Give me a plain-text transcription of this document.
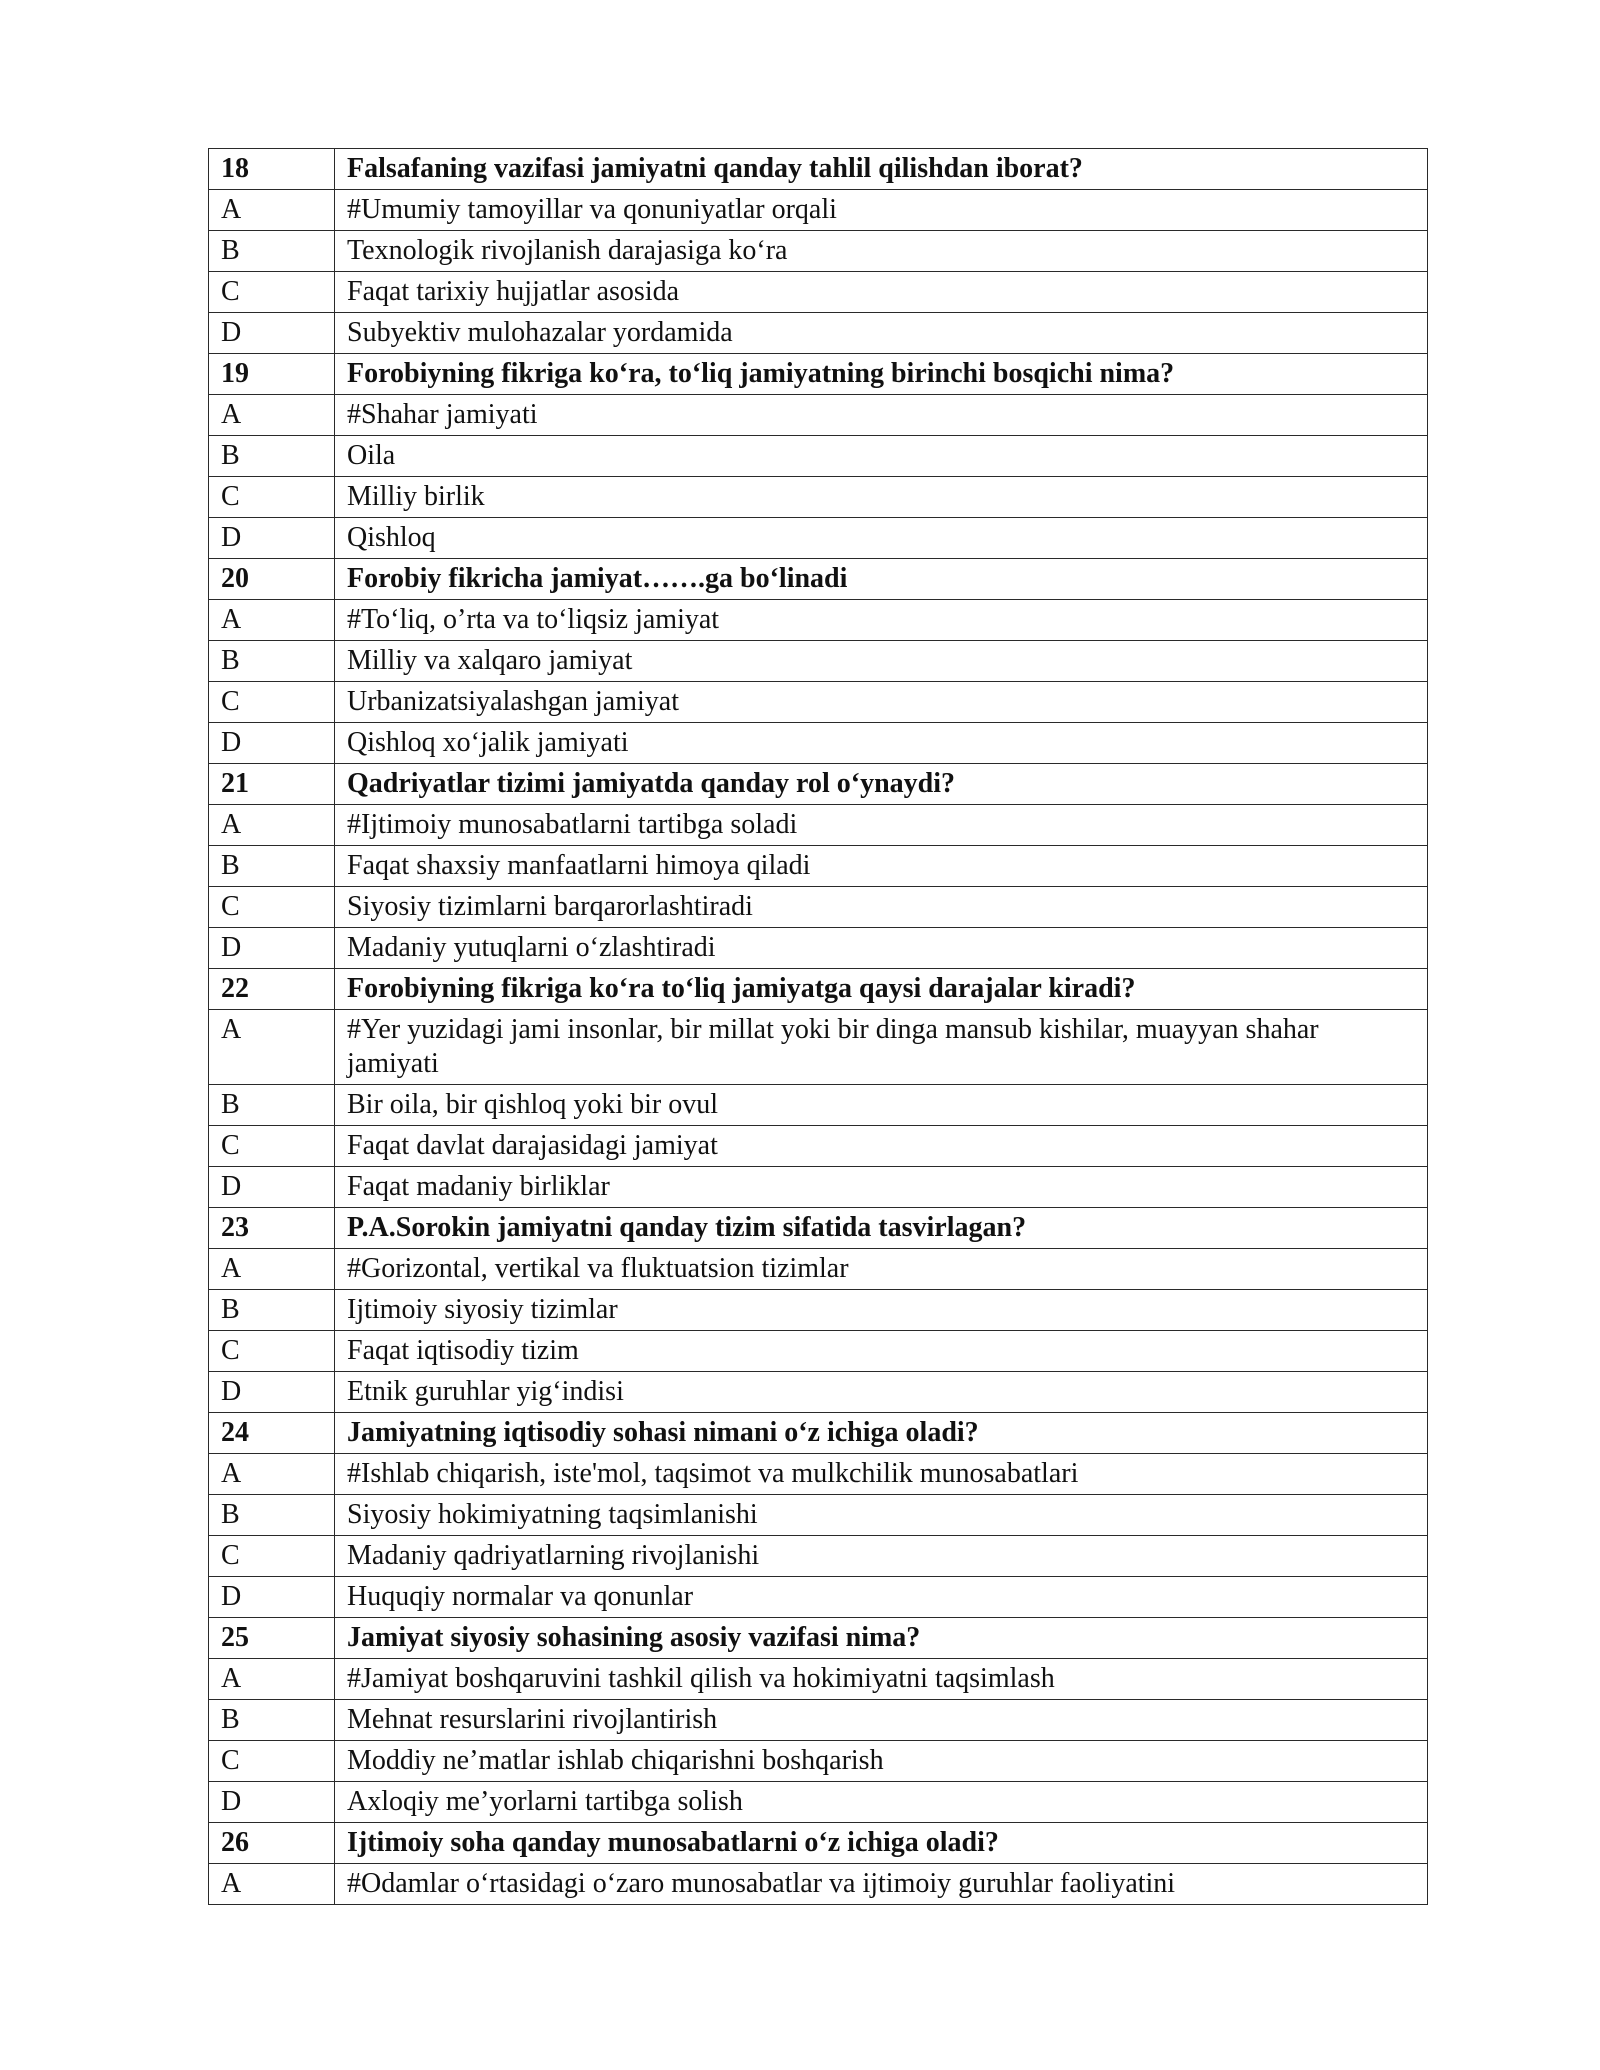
18	Falsafaning vazifasi jamiyatni qanday tahlil qilishdan iborat?
A	#Umumiy tamoyillar va qonuniyatlar orqali
B	Texnologik rivojlanish darajasiga ko‘ra
C	Faqat tarixiy hujjatlar asosida
D	Subyektiv mulohazalar yordamida
19	Forobiyning fikriga ko‘ra, to‘liq jamiyatning birinchi bosqichi nima?
A	#Shahar jamiyati
B	Oila
C	Milliy birlik
D	Qishloq
20	Forobiy fikricha jamiyat…….ga bo‘linadi
A	#To‘liq, o’rta va to‘liqsiz jamiyat
B	Milliy va xalqaro jamiyat
C	Urbanizatsiyalashgan jamiyat
D	Qishloq xo‘jalik jamiyati
21	Qadriyatlar tizimi jamiyatda qanday rol o‘ynaydi?
A	#Ijtimoiy munosabatlarni tartibga soladi
B	Faqat shaxsiy manfaatlarni himoya qiladi
C	Siyosiy tizimlarni barqarorlashtiradi
D	Madaniy yutuqlarni o‘zlashtiradi
22	Forobiyning fikriga ko‘ra to‘liq jamiyatga qaysi darajalar kiradi?
A	#Yer yuzidagi jami insonlar, bir millat yoki bir dinga mansub kishilar, muayyan shahar jamiyati
B	Bir oila, bir qishloq yoki bir ovul
C	Faqat davlat darajasidagi jamiyat
D	Faqat madaniy birliklar
23	P.A.Sorokin jamiyatni qanday tizim sifatida tasvirlagan?
A	#Gorizontal, vertikal va fluktuatsion tizimlar
B	Ijtimoiy siyosiy tizimlar
C	Faqat iqtisodiy tizim
D	Etnik guruhlar yig‘indisi
24	Jamiyatning iqtisodiy sohasi nimani o‘z ichiga oladi?
A	#Ishlab chiqarish, iste'mol, taqsimot va mulkchilik munosabatlari
B	Siyosiy hokimiyatning taqsimlanishi
C	Madaniy qadriyatlarning rivojlanishi
D	Huquqiy normalar va qonunlar
25	Jamiyat siyosiy sohasining asosiy vazifasi nima?
A	#Jamiyat boshqaruvini tashkil qilish va hokimiyatni taqsimlash
B	Mehnat resurslarini rivojlantirish
C	Moddiy ne’matlar ishlab chiqarishni boshqarish
D	Axloqiy me’yorlarni tartibga solish
26	Ijtimoiy soha qanday munosabatlarni o‘z ichiga oladi?
A	#Odamlar o‘rtasidagi o‘zaro munosabatlar va ijtimoiy guruhlar faoliyatini
